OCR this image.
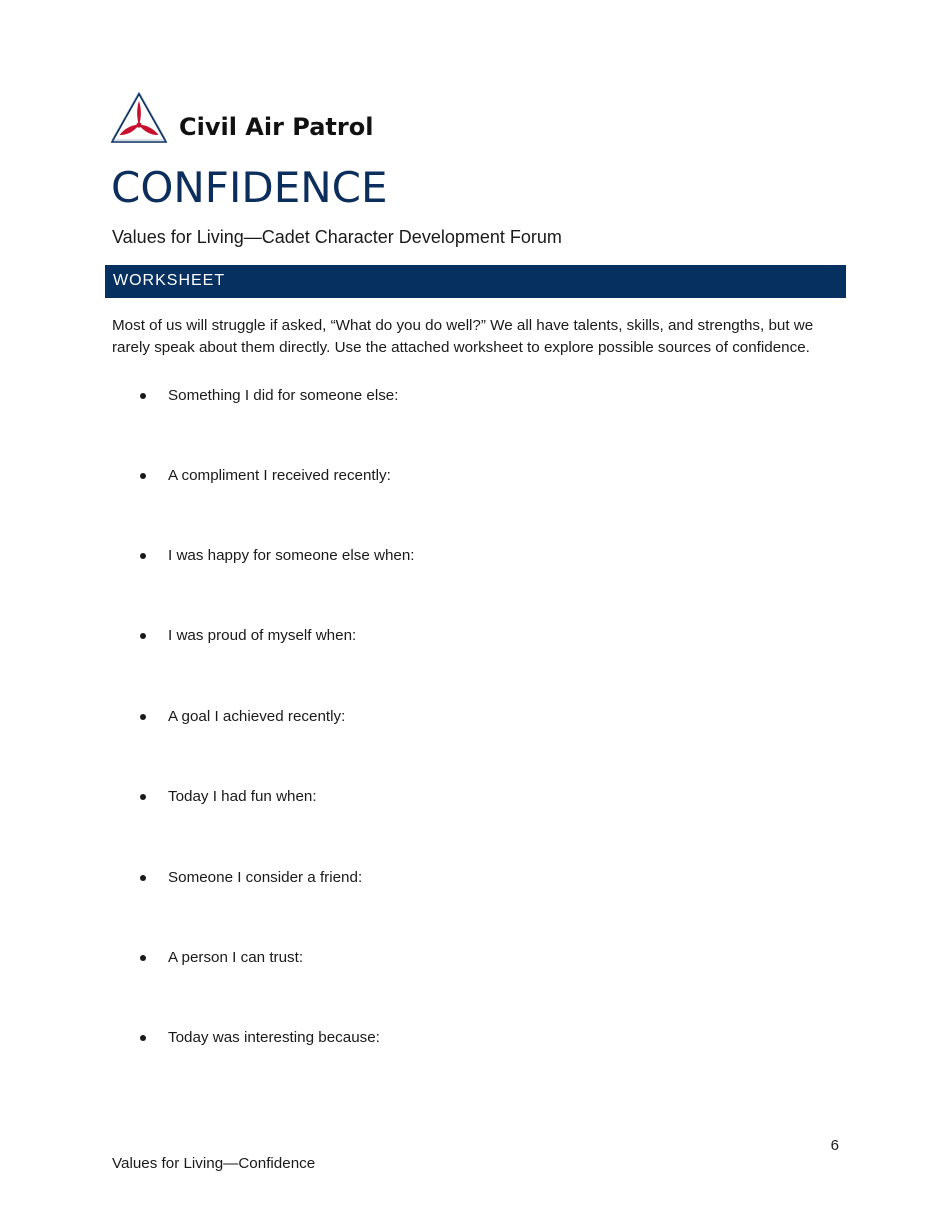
Civil Air Patrol
CONFIDENCE

Values for Living—Cadet Character Development Forum

WORKSHEET

Most of us will struggle if asked, “What do you do well?” We all have talents, skills, and strengths, but we rarely speak about them directly. Use the attached worksheet to explore possible sources of confidence.

Something I did for someone else:
A compliment I received recently:
I was happy for someone else when:
I was proud of myself when:
A goal I achieved recently:
Today I had fun when:
Someone I consider a friend:
A person I can trust:
Today was interesting because:
6
Values for Living—Confidence
